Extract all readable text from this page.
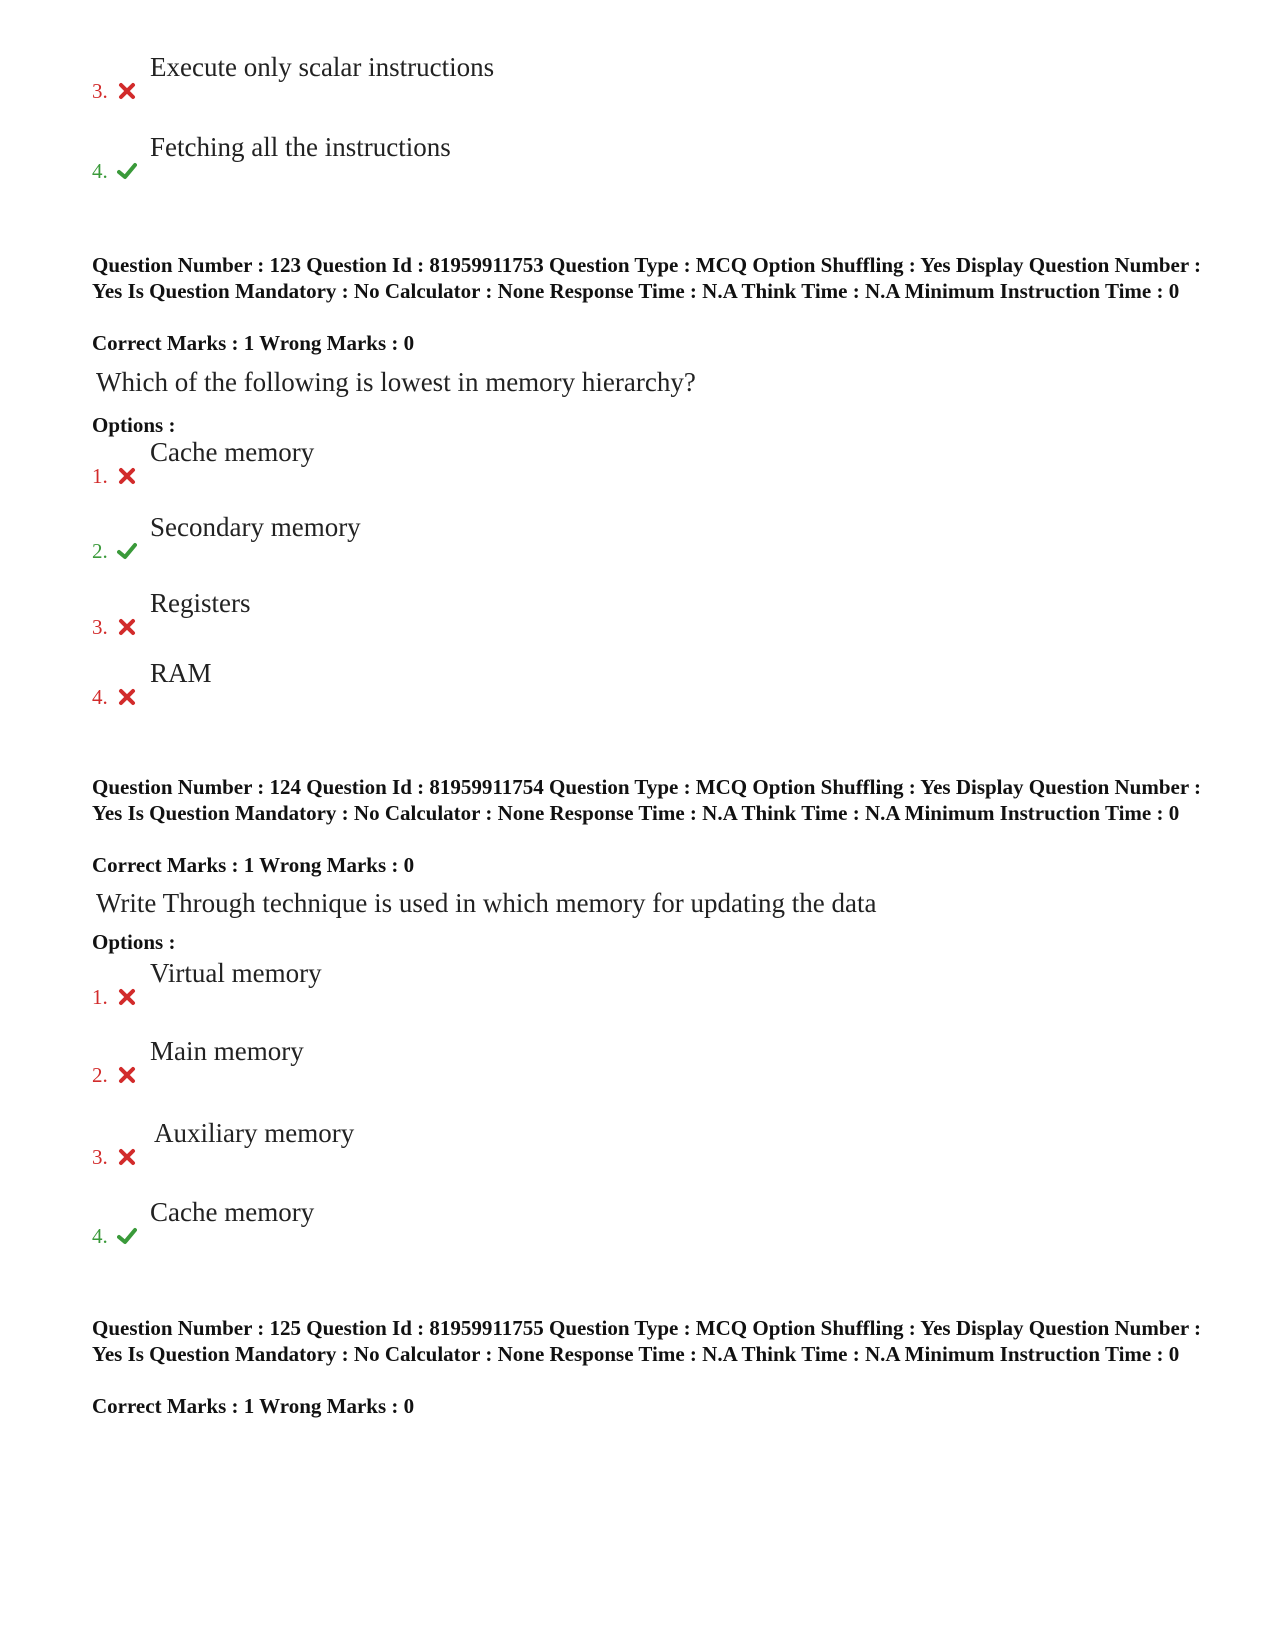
3.
Execute only scalar instructions
4.
Fetching all the instructions
Question Number : 123 Question Id : 81959911753 Question Type : MCQ Option Shuffling : Yes Display Question Number : Yes Is Question Mandatory : No Calculator : None Response Time : N.A Think Time : N.A Minimum Instruction Time : 0
Correct Marks : 1 Wrong Marks : 0
Which of the following is lowest in memory hierarchy?
Options :
1.
Cache memory
2.
Secondary memory
3.
Registers
4.
RAM
Question Number : 124 Question Id : 81959911754 Question Type : MCQ Option Shuffling : Yes Display Question Number : Yes Is Question Mandatory : No Calculator : None Response Time : N.A Think Time : N.A Minimum Instruction Time : 0
Correct Marks : 1 Wrong Marks : 0
Write Through technique is used in which memory for updating the data
Options :
1.
Virtual memory
2.
Main memory
3.
Auxiliary memory
4.
Cache memory
Question Number : 125 Question Id : 81959911755 Question Type : MCQ Option Shuffling : Yes Display Question Number : Yes Is Question Mandatory : No Calculator : None Response Time : N.A Think Time : N.A Minimum Instruction Time : 0
Correct Marks : 1 Wrong Marks : 0
